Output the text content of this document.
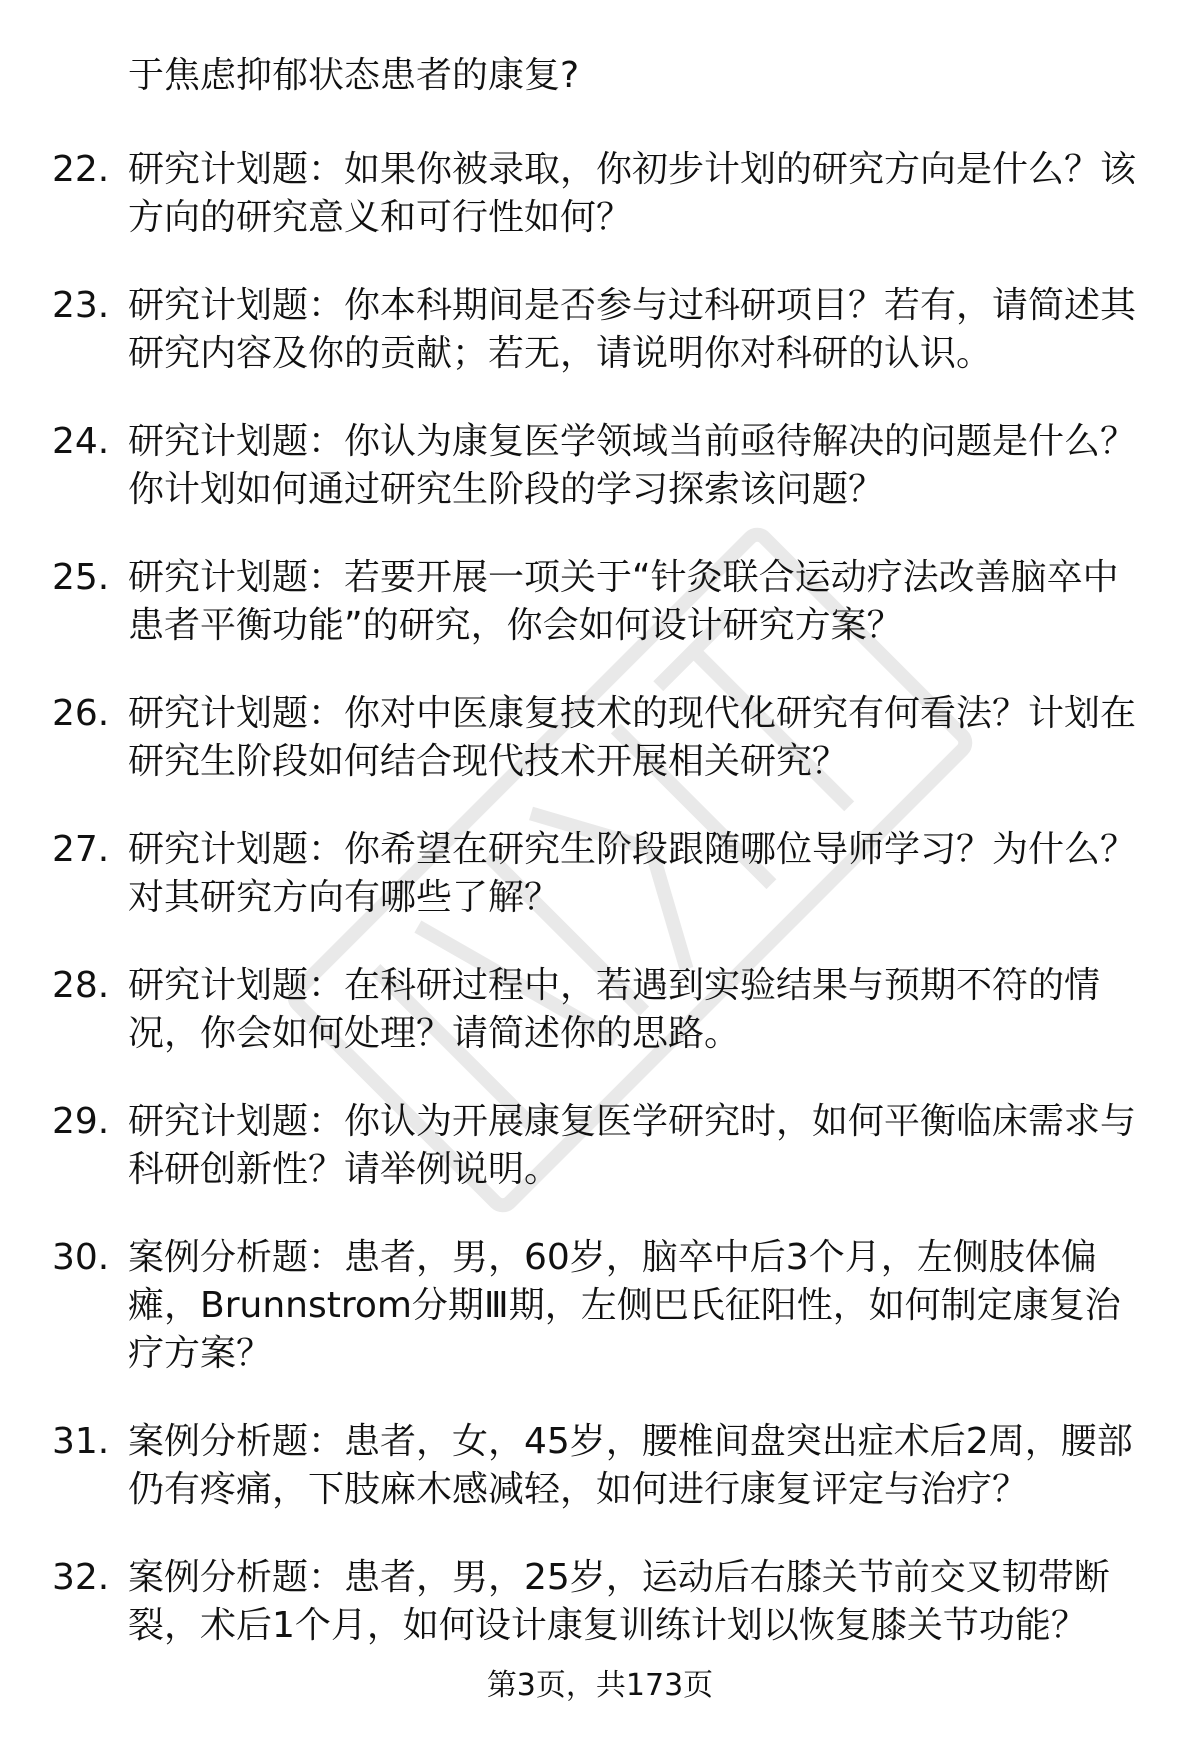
于焦虑抑郁状态患者的康复?
22. 研究计划题：如果你被录取，你初步计划的研究方向是什么？该方向的研究意义和可行性如何？
23. 研究计划题：你本科期间是否参与过科研项目？若有，请简述其研究内容及你的贡献；若无，请说明你对科研的认识。
24. 研究计划题：你认为康复医学领域当前亟待解决的问题是什么？你计划如何通过研究生阶段的学习探索该问题？
25. 研究计划题：若要开展一项关于“针灸联合运动疗法改善脑卒中患者平衡功能”的研究，你会如何设计研究方案？
26. 研究计划题：你对中医康复技术的现代化研究有何看法？计划在研究生阶段如何结合现代技术开展相关研究？
27. 研究计划题：你希望在研究生阶段跟随哪位导师学习？为什么？对其研究方向有哪些了解？
28. 研究计划题：在科研过程中，若遇到实验结果与预期不符的情况，你会如何处理？请简述你的思路。
29. 研究计划题：你认为开展康复医学研究时，如何平衡临床需求与科研创新性？请举例说明。
30. 案例分析题：患者，男，60岁，脑卒中后3个月，左侧肢体偏瘫，Brunnstrom分期Ⅲ期，左侧巴氏征阳性，如何制定康复治疗方案？
31. 案例分析题：患者，女，45岁，腰椎间盘突出症术后2周，腰部仍有疼痛，下肢麻木感减轻，如何进行康复评定与治疗？
32. 案例分析题：患者，男，25岁，运动后右膝关节前交叉韧带断裂，术后1个月，如何设计康复训练计划以恢复膝关节功能？
第3页，共173页
